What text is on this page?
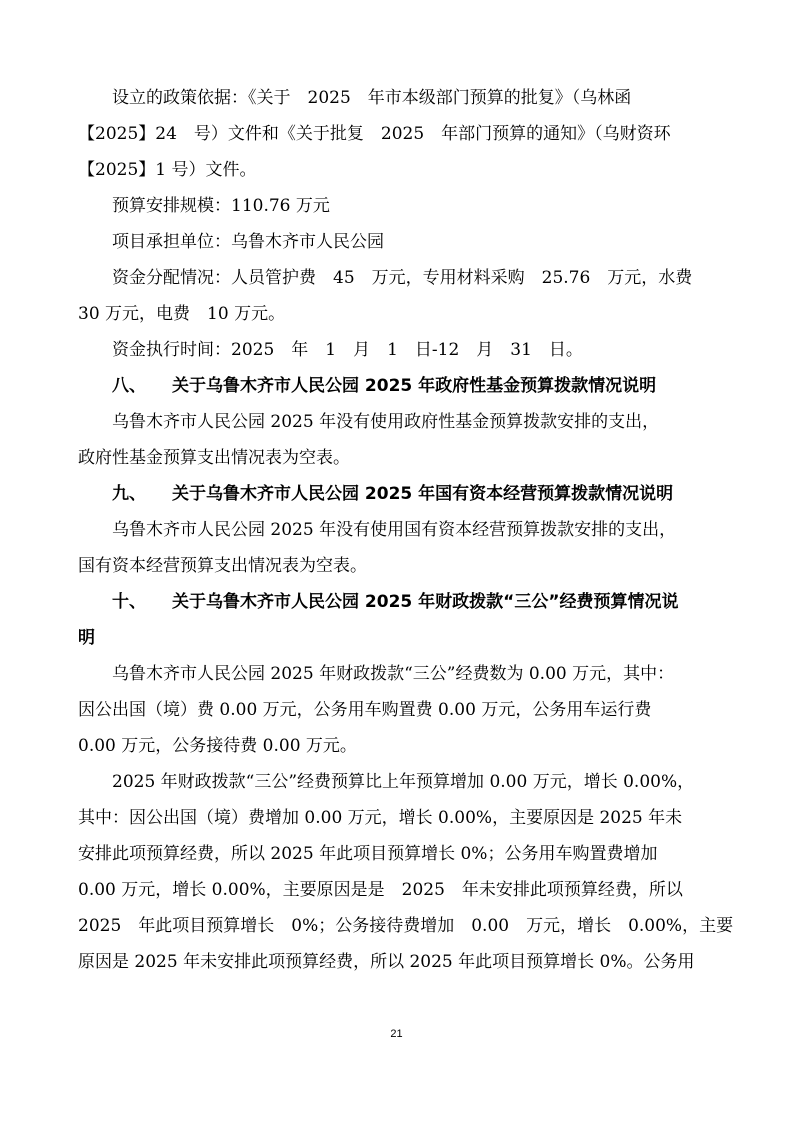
设立的政策依据：《关于　2025　年市本级部门预算的批复》（乌林函

【2025】24　号）文件和《关于批复　2025　年部门预算的通知》（乌财资环

【2025】1 号）文件。

预算安排规模：110.76 万元

项目承担单位：乌鲁木齐市人民公园

资金分配情况：人员管护费　45　万元，专用材料采购　25.76　万元，水费

30 万元，电费　10 万元。

资金执行时间：2025　年　1　月　1　日-12　月　31　日。

八、 关于乌鲁木齐市人民公园 2025 年政府性基金预算拨款情况说明

乌鲁木齐市人民公园 2025 年没有使用政府性基金预算拨款安排的支出，

政府性基金预算支出情况表为空表。

九、 关于乌鲁木齐市人民公园 2025 年国有资本经营预算拨款情况说明

乌鲁木齐市人民公园 2025 年没有使用国有资本经营预算拨款安排的支出，

国有资本经营预算支出情况表为空表。

十、 关于乌鲁木齐市人民公园 2025 年财政拨款“三公”经费预算情况说

明

乌鲁木齐市人民公园 2025 年财政拨款“三公”经费数为 0.00 万元，其中：

因公出国（境）费 0.00 万元，公务用车购置费 0.00 万元，公务用车运行费

0.00 万元，公务接待费 0.00 万元。

2025 年财政拨款“三公”经费预算比上年预算增加 0.00 万元，增长 0.00%，

其中：因公出国（境）费增加 0.00 万元，增长 0.00%，主要原因是 2025 年未

安排此项预算经费，所以 2025 年此项目预算增长 0%；公务用车购置费增加

0.00 万元，增长 0.00%，主要原因是是　2025　年未安排此项预算经费，所以

2025　年此项目预算增长　0%；公务接待费增加　0.00　万元，增长　0.00%，主要

原因是 2025 年未安排此项预算经费，所以 2025 年此项目预算增长 0%。公务用

21
